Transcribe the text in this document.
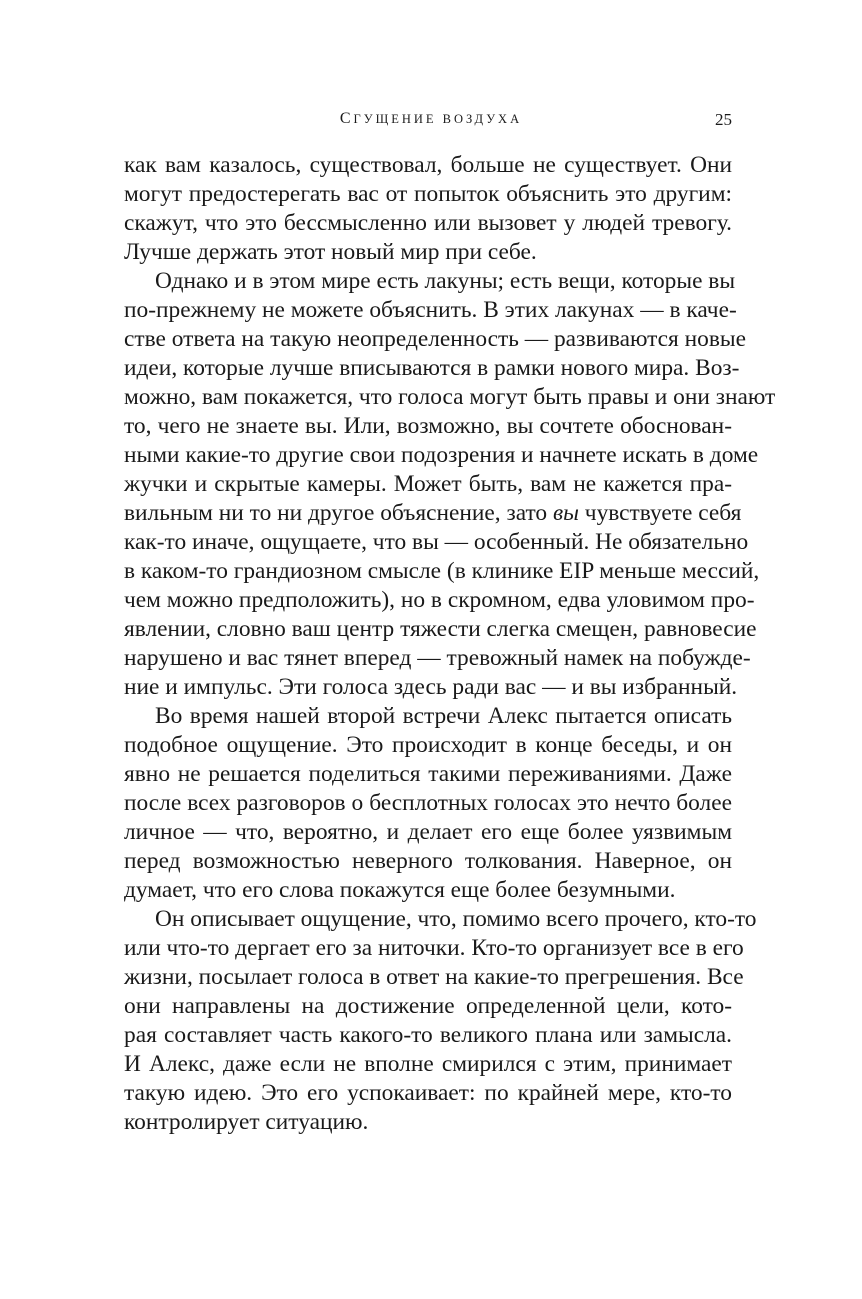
СГУЩЕНИЕ ВОЗДУХА	25
как вам казалось, существовал, больше не существует. Они
могут предостерегать вас от попыток объяснить это другим:
скажут, что это бессмысленно или вызовет у людей тревогу.
Лучше держать этот новый мир при себе.
Однако и в этом мире есть лакуны; есть вещи, которые вы
по-прежнему не можете объяснить. В этих лакунах — в каче-
стве ответа на такую неопределенность — развиваются новые
идеи, которые лучше вписываются в рамки нового мира. Воз-
можно, вам покажется, что голоса могут быть правы и они знают
то, чего не знаете вы. Или, возможно, вы сочтете обоснован-
ными какие-то другие свои подозрения и начнете искать в доме
жучки и скрытые камеры. Может быть, вам не кажется пра-
вильным ни то ни другое объяснение, зато вы чувствуете себя
как-то иначе, ощущаете, что вы — особенный. Не обязательно
в каком-то грандиозном смысле (в клинике EIP меньше мессий,
чем можно предположить), но в скромном, едва уловимом про-
явлении, словно ваш центр тяжести слегка смещен, равновесие
нарушено и вас тянет вперед — тревожный намек на побужде-
ние и импульс. Эти голоса здесь ради вас — и вы избранный.
Во время нашей второй встречи Алекс пытается описать
подобное ощущение. Это происходит в конце беседы, и он
явно не решается поделиться такими переживаниями. Даже
после всех разговоров о бесплотных голосах это нечто более
личное — что, вероятно, и делает его еще более уязвимым
перед возможностью неверного толкования. Наверное, он
думает, что его слова покажутся еще более безумными.
Он описывает ощущение, что, помимо всего прочего, кто-то
или что-то дергает его за ниточки. Кто-то организует все в его
жизни, посылает голоса в ответ на какие-то прегрешения. Все
они направлены на достижение определенной цели, кото-
рая составляет часть какого-то великого плана или замысла.
И Алекс, даже если не вполне смирился с этим, принимает
такую идею. Это его успокаивает: по крайней мере, кто-то
контролирует ситуацию.
